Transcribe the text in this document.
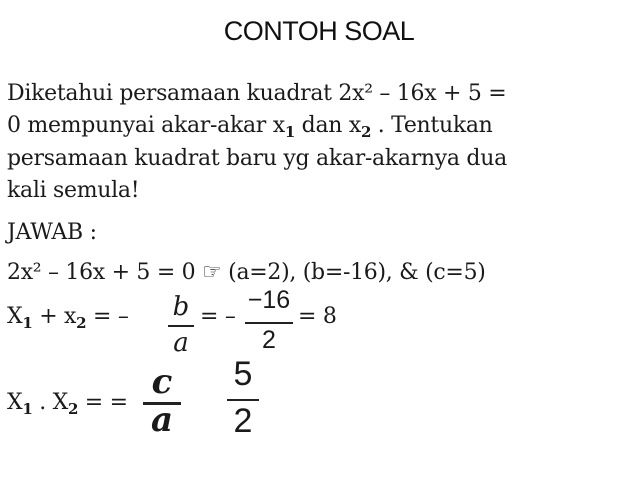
CONTOH SOAL
Diketahui persamaan kuadrat 2x² – 16x + 5 =
0 mempunyai akar-akar $x_1$ dan $x_2$ . Tentukan
persamaan kuadrat baru yg akar-akarnya dua
kali semula!
JAWAB :
2x² – 16x + 5 = 0 ☞ (a=2), (b=-16), & (c=5)
$X_1 + x_2$ = – b
a
= –
−16
2
= 8
$X_1$ . $X_2$ = =
c
a
5
2
